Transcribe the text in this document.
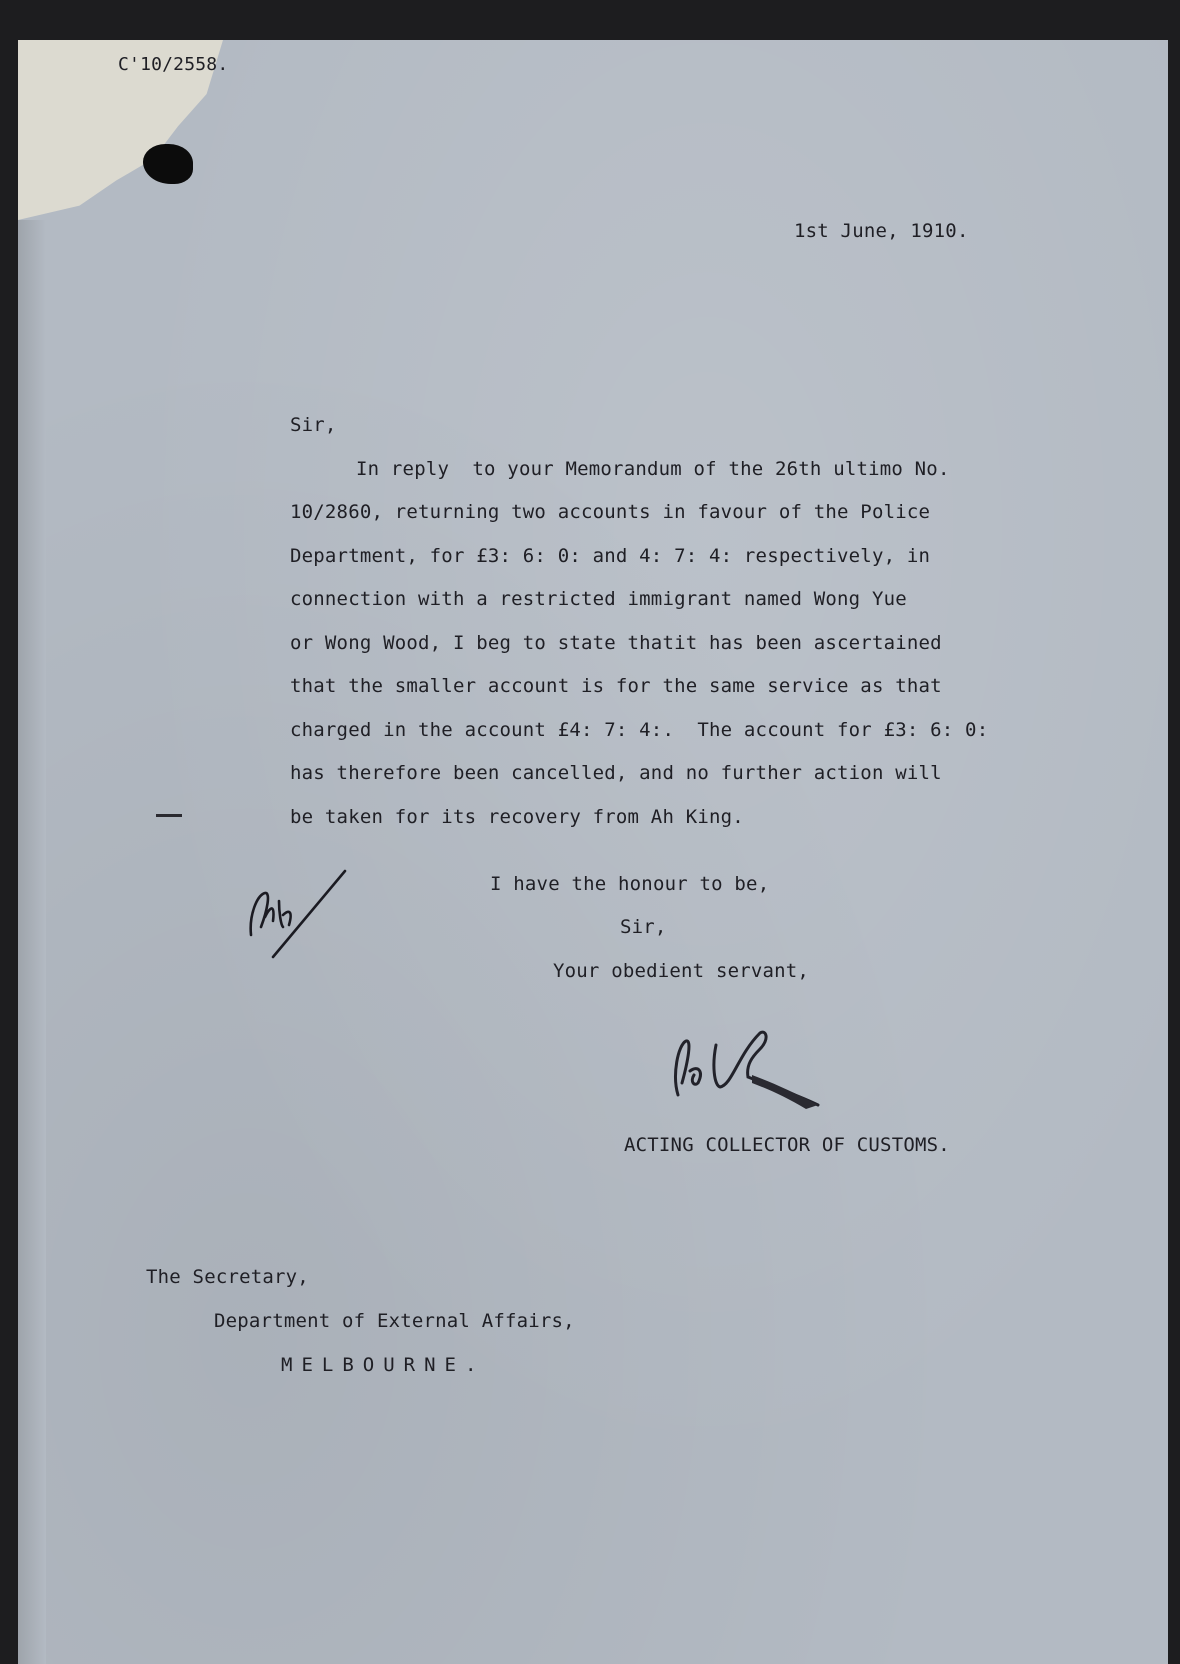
C'10/2558.
1st June, 1910.
Sir,
In reply  to your Memorandum of the 26th ultimo No.
10/2860, returning two accounts in favour of the Police
Department, for £3: 6: 0: and 4: 7: 4: respectively, in
connection with a restricted immigrant named Wong Yue
or Wong Wood, I beg to state thatit has been ascertained
that the smaller account is for the same service as that
charged in the account £4: 7: 4:.  The account for £3: 6: 0:
has therefore been cancelled, and no further action will
be taken for its recovery from Ah King.
I have the honour to be,
Sir,
Your obedient servant,
ACTING COLLECTOR OF CUSTOMS.
The Secretary,
Department of External Affairs,
MELBOURNE.
